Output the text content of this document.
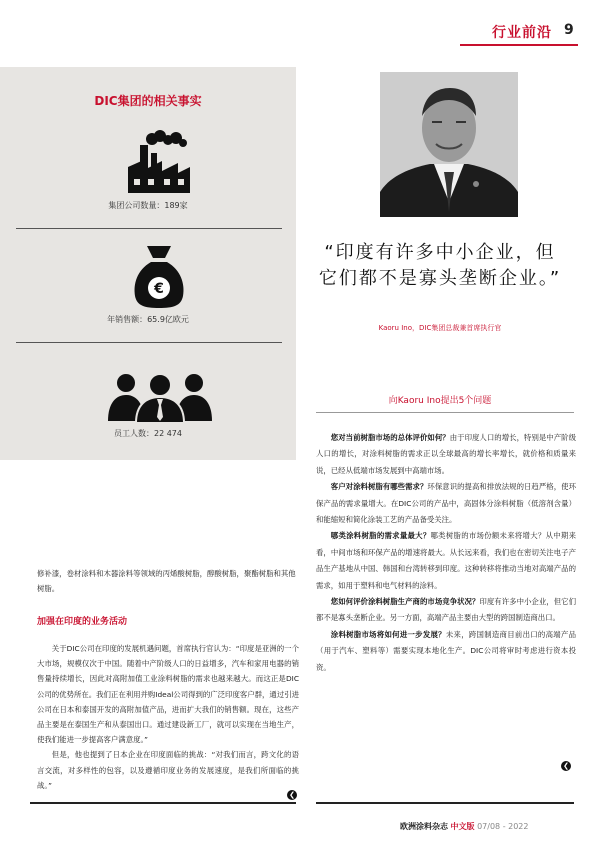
行业前沿 9
DIC集团的相关事实
集团公司数量：189家
€
年销售额：65.9亿欧元
员工人数：22 474
“印度有许多中小企业，但它们都不是寡头垄断企业。”
Kaoru Ino，DIC集团总裁兼首席执行官
向Kaoru Ino提出5个问题

您对当前树脂市场的总体评价如何？由于印度人口的增长，特别是中产阶级人口的增长，对涂料树脂的需求正以全球最高的增长率增长，就价格和质量来说，已经从低端市场发展到中高端市场。

客户对涂料树脂有哪些需求？环保意识的提高和排放法规的日趋严格，使环保产品的需求量增大。在DIC公司的产品中，高固体分涂料树脂（低溶剂含量）和能缩短和简化涂装工艺的产品备受关注。

哪类涂料树脂的需求量最大？哪类树脂的市场份额未来将增大？从中期来看，中间市场和环保产品的增速将最大。从长远来看，我们也在密切关注电子产品生产基地从中国、韩国和台湾转移到印度。这种转移将推动当地对高端产品的需求，如用于塑料和电气材料的涂料。

您如何评价涂料树脂生产商的市场竞争状况？印度有许多中小企业，但它们都不是寡头垄断企业。另一方面，高端产品主要由大型的跨国制造商出口。

涂料树脂市场将如何进一步发展？未来，跨国制造商目前出口的高端产品（用于汽车、塑料等）需要实现本地化生产。DIC公司将审时考虑进行资本投资。

❮
修补漆，卷材涂料和木器涂料等领域的丙烯酸树脂，醇酸树脂，聚酯树脂和其他树脂。
加强在印度的业务活动

关于DIC公司在印度的发展机遇问题，首席执行官认为：“印度是亚洲的一个大市场，规模仅次于中国。随着中产阶级人口的日益增多，汽车和家用电器的销售量持续增长，因此对高附加值工业涂料树脂的需求也越来越大。而这正是DIC公司的优势所在。我们正在利用并购Ideal公司得到的广泛印度客户群，通过引进公司在日本和泰国开发的高附加值产品，进而扩大我们的销售额。现在，这些产品主要是在泰国生产和从泰国出口。通过建设新工厂，就可以实现在当地生产，使我们能进一步提高客户满意度。”

但是，他也提到了日本企业在印度面临的挑战：“对我们而言，跨文化的语言交流，对多样性的包容，以及遵循印度业务的发展速度，是我们所面临的挑战。”

❮
欧洲涂料杂志 中文版 07/08 - 2022
